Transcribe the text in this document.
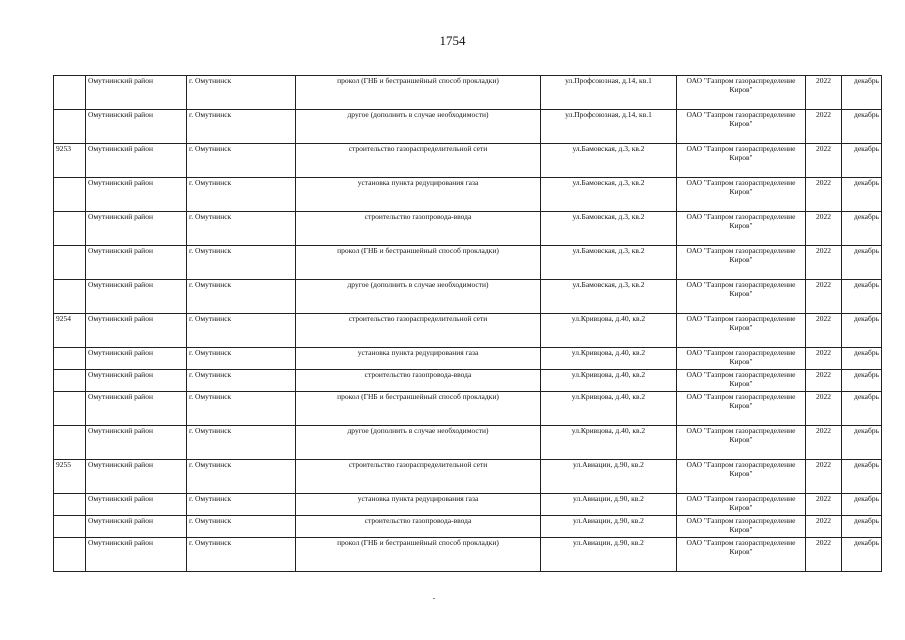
1754
	Омутнинский район	г. Омутнинск	прокол (ГНБ и бестраншейный способ прокладки)	ул.Профсоюзная, д.14, кв.1	ОАО "Газпром газораспределение Киров"	2022	декабрь
	Омутнинский район	г. Омутнинск	другое (дополнить в случае необходимости)	ул.Профсоюзная, д.14, кв.1	ОАО "Газпром газораспределение Киров"	2022	декабрь
9253	Омутнинский район	г. Омутнинск	строительство газораспределительной сети	ул.Бамовская, д.3, кв.2	ОАО "Газпром газораспределение Киров"	2022	декабрь
	Омутнинский район	г. Омутнинск	установка пункта редуцирования газа	ул.Бамовская, д.3, кв.2	ОАО "Газпром газораспределение Киров"	2022	декабрь
	Омутнинский район	г. Омутнинск	строительство газопровода-ввода	ул.Бамовская, д.3, кв.2	ОАО "Газпром газораспределение Киров"	2022	декабрь
	Омутнинский район	г. Омутнинск	прокол (ГНБ и бестраншейный способ прокладки)	ул.Бамовская, д.3, кв.2	ОАО "Газпром газораспределение Киров"	2022	декабрь
	Омутнинский район	г. Омутнинск	другое (дополнить в случае необходимости)	ул.Бамовская, д.3, кв.2	ОАО "Газпром газораспределение Киров"	2022	декабрь
9254	Омутнинский район	г. Омутнинск	строительство газораспределительной сети	ул.Кривцова, д.40, кв.2	ОАО "Газпром газораспределение Киров"	2022	декабрь
	Омутнинский район	г. Омутнинск	установка пункта редуцирования газа	ул.Кривцова, д.40, кв.2	ОАО "Газпром газораспределение Киров"	2022	декабрь
	Омутнинский район	г. Омутнинск	строительство газопровода-ввода	ул.Кривцова, д.40, кв.2	ОАО "Газпром газораспределение Киров"	2022	декабрь
	Омутнинский район	г. Омутнинск	прокол (ГНБ и бестраншейный способ прокладки)	ул.Кривцова, д.40, кв.2	ОАО "Газпром газораспределение Киров"	2022	декабрь
	Омутнинский район	г. Омутнинск	другое (дополнить в случае необходимости)	ул.Кривцова, д.40, кв.2	ОАО "Газпром газораспределение Киров"	2022	декабрь
9255	Омутнинский район	г. Омутнинск	строительство газораспределительной сети	ул.Авиации, д.90, кв.2	ОАО "Газпром газораспределение Киров"	2022	декабрь
	Омутнинский район	г. Омутнинск	установка пункта редуцирования газа	ул.Авиации, д.90, кв.2	ОАО "Газпром газораспределение Киров"	2022	декабрь
	Омутнинский район	г. Омутнинск	строительство газопровода-ввода	ул.Авиации, д.90, кв.2	ОАО "Газпром газораспределение Киров"	2022	декабрь
	Омутнинский район	г. Омутнинск	прокол (ГНБ и бестраншейный способ прокладки)	ул.Авиации, д.90, кв.2	ОАО "Газпром газораспределение Киров"	2022	декабрь
